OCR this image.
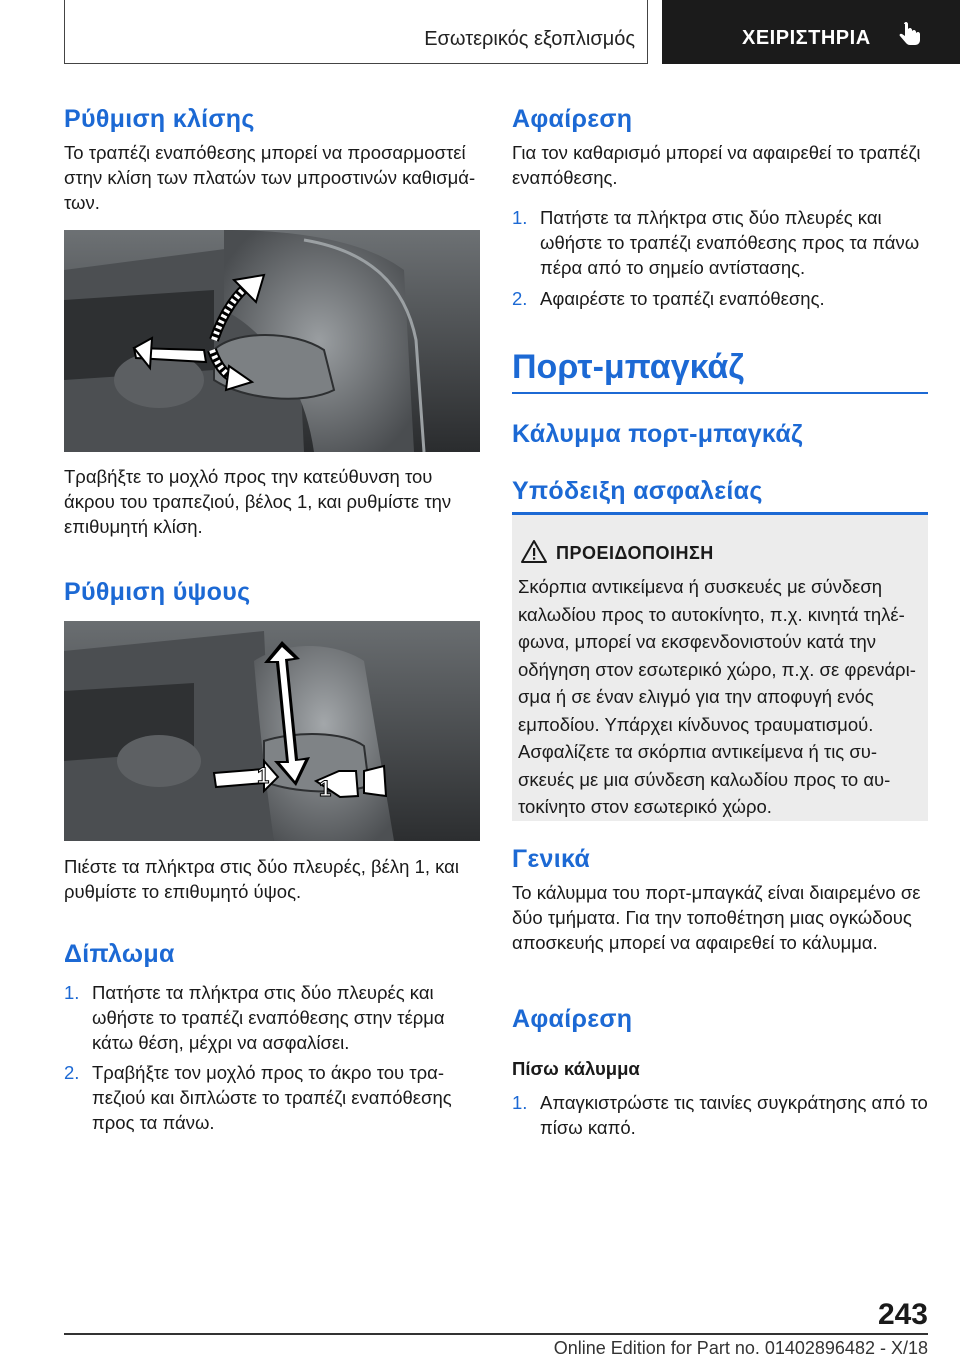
Εσωτερικός εξοπλισμός	ΧΕΙΡΙΣΤΗΡΙΑ
Ρύθμιση κλίσης

Το τραπέζι εναπόθεσης μπορεί να προσαρμοστεί στην κλίση των πλατών των μπροστινών καθισμάτων.

Τραβήξτε το μοχλό προς την κατεύθυνση του άκρου του τραπεζιού, βέλος 1, και ρυθμίστε την επιθυμητή κλίση.

Ρύθμιση ύψους
1
1

Πιέστε τα πλήκτρα στις δύο πλευρές, βέλη 1, και ρυθμίστε το επιθυμητό ύψος.

Δίπλωμα
1. Πατήστε τα πλήκτρα στις δύο πλευρές και ωθήστε το τραπέζι εναπόθεσης στην τέρμα κάτω θέση, μέχρι να ασφαλίσει.
2. Τραβήξτε τον μοχλό προς το άκρο του τραπεζιού και διπλώστε το τραπέζι εναπόθεσης προς τα πάνω.
Αφαίρεση

Για τον καθαρισμό μπορεί να αφαιρεθεί το τραπέζι εναπόθεσης.

1. Πατήστε τα πλήκτρα στις δύο πλευρές και ωθήστε το τραπέζι εναπόθεσης προς τα πάνω πέρα από το σημείο αντίστασης.
2. Αφαιρέστε το τραπέζι εναπόθεσης.
Πορτ-μπαγκάζ
Κάλυμμα πορτ-μπαγκάζ
Υπόδειξη ασφαλείας
ΠΡΟΕΙΔΟΠΟΙΗΣΗ
Σκόρπια αντικείμενα ή συσκευές με σύνδεση καλωδίου προς το αυτοκίνητο, π.χ. κινητά τηλέφωνα, μπορεί να εκσφενδονιστούν κατά την οδήγηση στον εσωτερικό χώρο, π.χ. σε φρενάρισμα ή σε έναν ελιγμό για την αποφυγή ενός εμποδίου. Υπάρχει κίνδυνος τραυματισμού. Ασφαλίζετε τα σκόρπια αντικείμενα ή τις συσκευές με μια σύνδεση καλωδίου προς το αυτοκίνητο στον εσωτερικό χώρο.
Γενικά

Το κάλυμμα του πορτ-μπαγκάζ είναι διαιρεμένο σε δύο τμήματα. Για την τοποθέτηση μιας ογκώδους αποσκευής μπορεί να αφαιρεθεί το κάλυμμα.

Αφαίρεση
Πίσω κάλυμμα
1. Απαγκιστρώστε τις ταινίες συγκράτησης από το πίσω καπό.
243
Online Edition for Part no. 01402896482 - X/18
